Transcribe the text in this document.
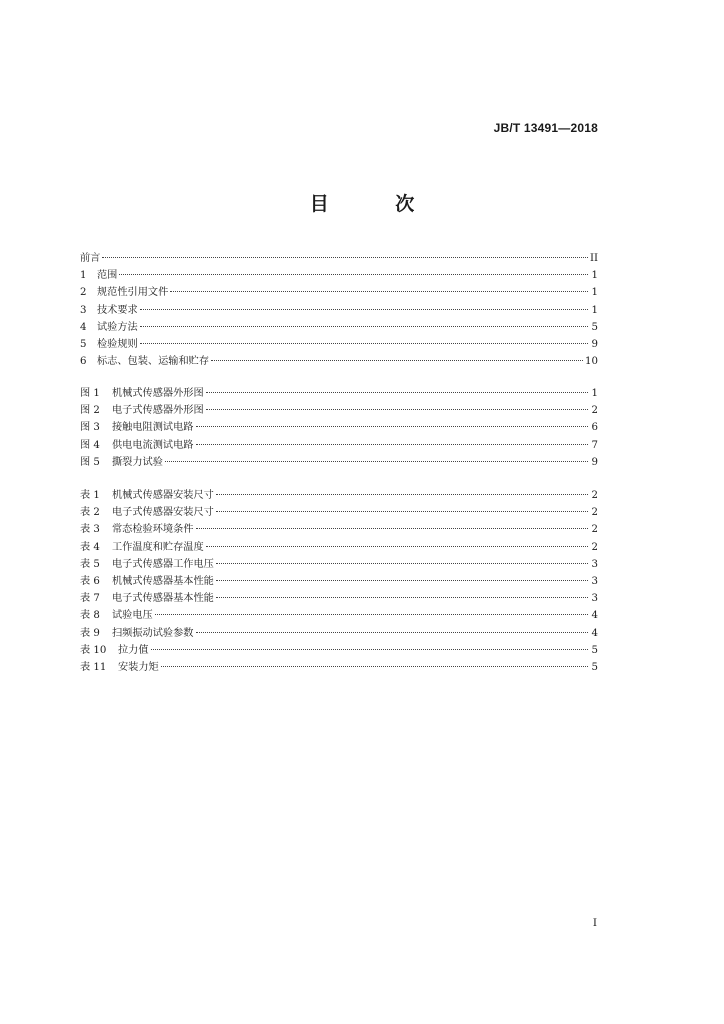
JB/T 13491—2018
目 次
前言	II
1	范围	1
2	规范性引用文件	1
3	技术要求	1
4	试验方法	5
5	检验规则	9
6	标志、包装、运输和贮存	10
图 1	机械式传感器外形图	1
图 2	电子式传感器外形图	2
图 3	接触电阻测试电路	6
图 4	供电电流测试电路	7
图 5	撕裂力试验	9
表 1	机械式传感器安装尺寸	2
表 2	电子式传感器安装尺寸	2
表 3	常态检验环境条件	2
表 4	工作温度和贮存温度	2
表 5	电子式传感器工作电压	3
表 6	机械式传感器基本性能	3
表 7	电子式传感器基本性能	3
表 8	试验电压	4
表 9	扫频振动试验参数	4
表 10	拉力值	5
表 11	安装力矩	5
I
